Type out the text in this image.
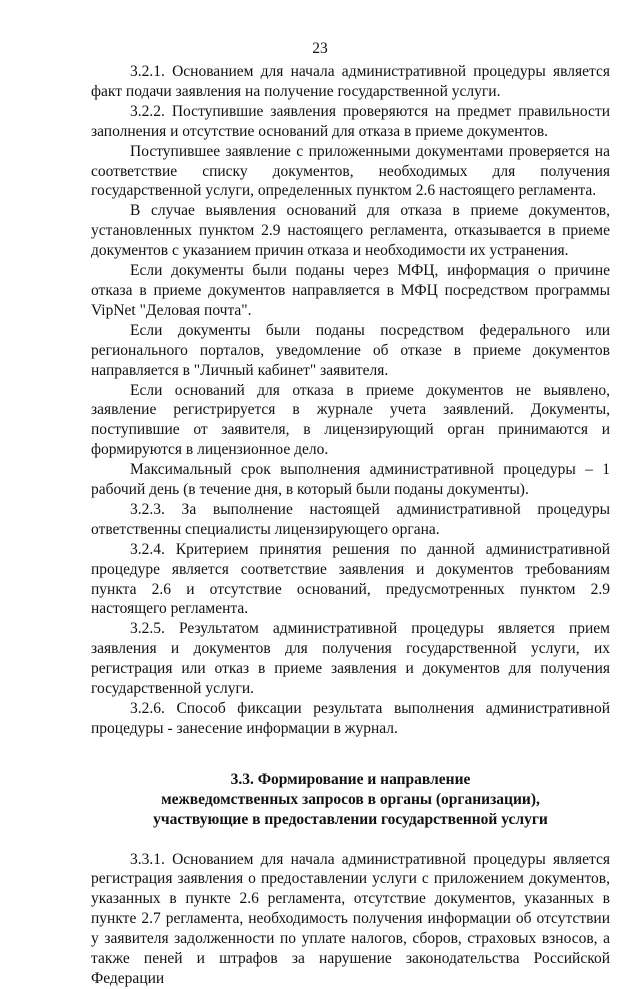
23

3.2.1. Основанием для начала административной процедуры является факт подачи заявления на получение государственной услуги.

3.2.2. Поступившие заявления проверяются на предмет правильности заполнения и отсутствие оснований для отказа в приеме документов.

Поступившее заявление с приложенными документами проверяется на соответствие списку документов, необходимых для получения государственной услуги, определенных пунктом 2.6 настоящего регламента.

В случае выявления оснований для отказа в приеме документов, установленных пунктом 2.9 настоящего регламента, отказывается в приеме документов с указанием причин отказа и необходимости их устранения.

Если документы были поданы через МФЦ, информация о причине отказа в приеме документов направляется в МФЦ посредством программы VipNet "Деловая почта".

Если документы были поданы посредством федерального или регионального порталов, уведомление об отказе в приеме документов направляется в "Личный кабинет" заявителя.

Если оснований для отказа в приеме документов не выявлено, заявление регистрируется в журнале учета заявлений. Документы, поступившие от заявителя, в лицензирующий орган принимаются и формируются в лицензионное дело.

Максимальный срок выполнения административной процедуры – 1 рабочий день (в течение дня, в который были поданы документы).

3.2.3. За выполнение настоящей административной процедуры ответственны специалисты лицензирующего органа.

3.2.4. Критерием принятия решения по данной административной процедуре является соответствие заявления и документов требованиям пункта 2.6 и отсутствие оснований, предусмотренных пунктом 2.9 настоящего регламента.

3.2.5. Результатом административной процедуры является прием заявления и документов для получения государственной услуги, их регистрация или отказ в приеме заявления и документов для получения государственной услуги.

3.2.6. Способ фиксации результата выполнения административной процедуры - занесение информации в журнал.

3.3. Формирование и направление
межведомственных запросов в органы (организации),
участвующие в предоставлении государственной услуги

3.3.1. Основанием для начала административной процедуры является регистрация заявления о предоставлении услуги с приложением документов, указанных в пункте 2.6 регламента, отсутствие документов, указанных в пункте 2.7 регламента, необходимость получения информации об отсутствии у заявителя задолженности по уплате налогов, сборов, страховых взносов, а также пеней и штрафов за нарушение законодательства Российской Федерации
